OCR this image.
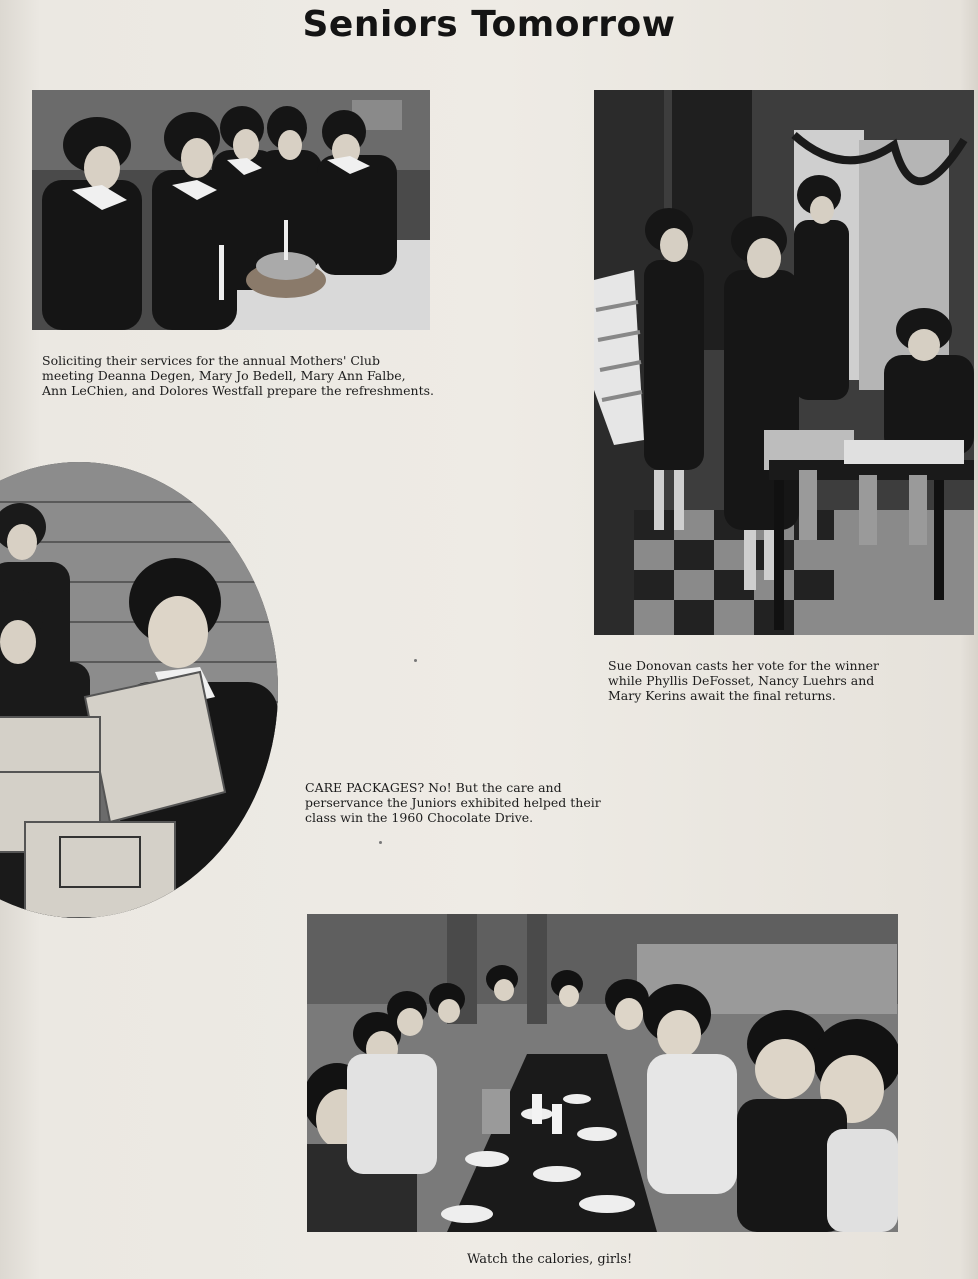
Seniors Tomorrow

Soliciting their services for the annual Mothers' Club meeting Deanna Degen, Mary Jo Bedell, Mary Ann Falbe, Ann LeChien, and Dolores Westfall prepare the refreshments.

Sue Donovan casts her vote for the winner while Phyllis DeFosset, Nancy Luehrs and Mary Kerins await the final returns.

CARE PACKAGES? No! But the care and perservance the Juniors exhibited helped their class win the 1960 Chocolate Drive.

Watch the calories, girls!
